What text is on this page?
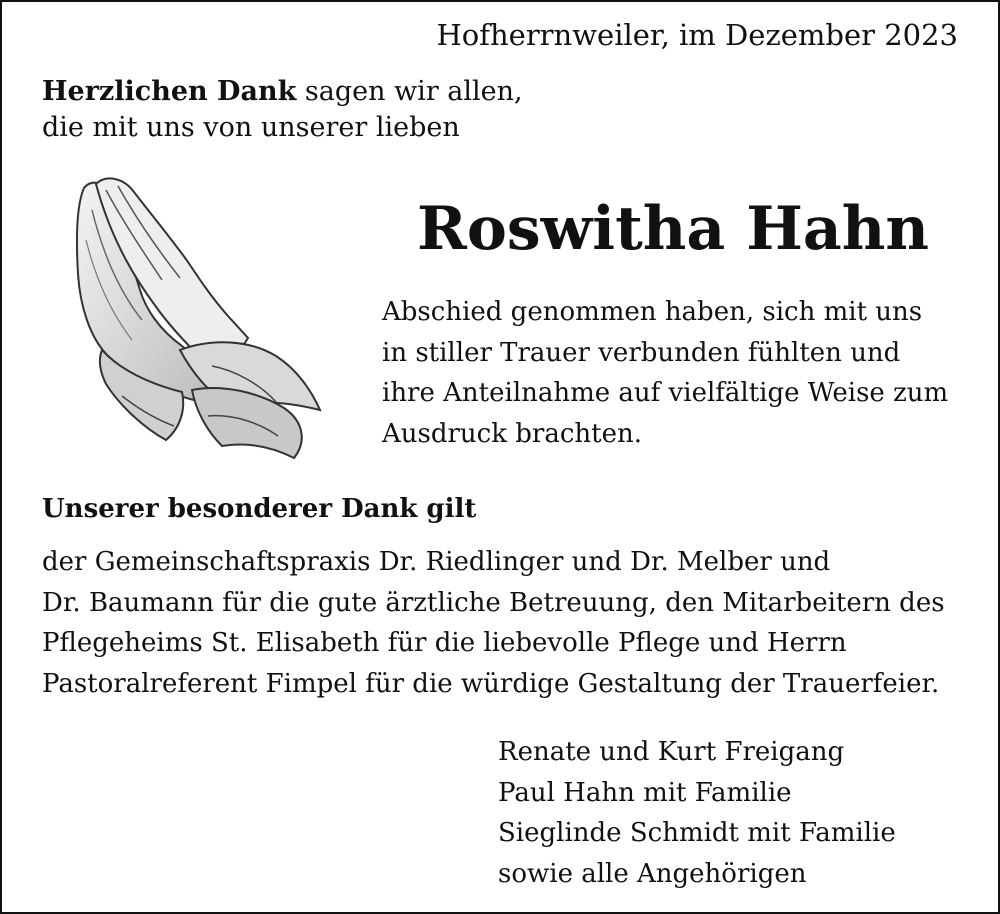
Hofherrnweiler, im Dezember 2023
Herzlichen Dank sagen wir allen,
die mit uns von unserer lieben
Roswitha Hahn
Abschied genommen haben, sich mit uns
in stiller Trauer verbunden fühlten und
ihre Anteilnahme auf vielfältige Weise zum
Ausdruck brachten.
Unserer besonderer Dank gilt
der Gemeinschaftspraxis Dr. Riedlinger und Dr. Melber und
Dr. Baumann für die gute ärztliche Betreuung, den Mitarbeitern des
Pflegeheims St. Elisabeth für die liebevolle Pflege und Herrn
Pastoralreferent Fimpel für die würdige Gestaltung der Trauerfeier.
Renate und Kurt Freigang
Paul Hahn mit Familie
Sieglinde Schmidt mit Familie
sowie alle Angehörigen
